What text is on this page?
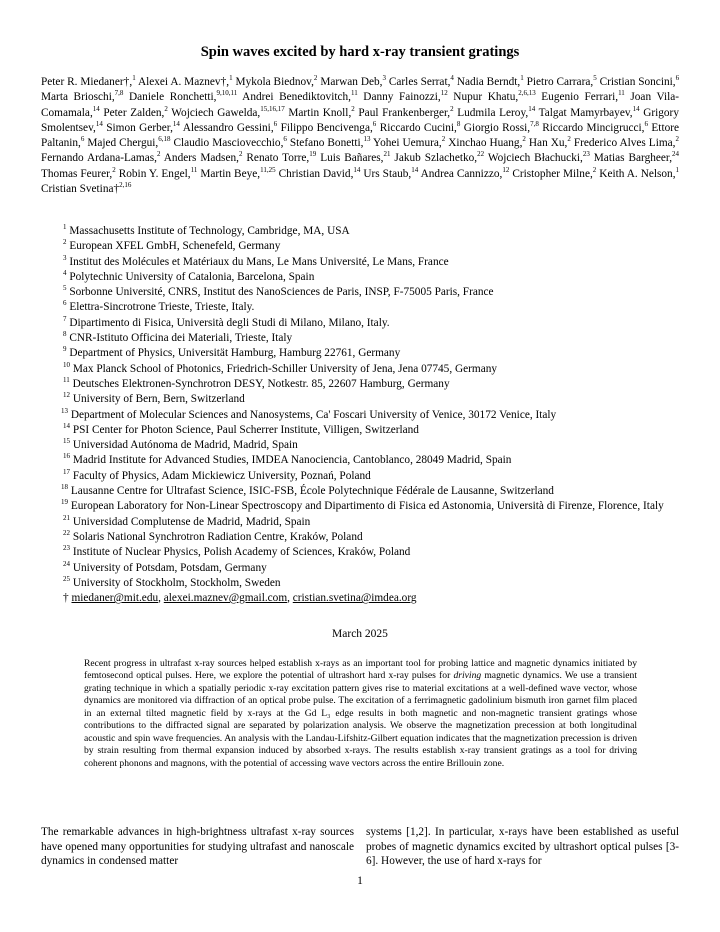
Spin waves excited by hard x-ray transient gratings
Peter R. Miedaner†,$^1$ Alexei A. Maznev†,$^1$ Mykola Biednov,$^2$ Marwan Deb,$^3$ Carles Serrat,$^4$ Nadia Berndt,$^1$ Pietro Carrara,$^5$ Cristian Soncini,$^6$ Marta Brioschi,$^{7,8}$ Daniele Ronchetti,$^{9,10,11}$ Andrei Benediktovitch,$^{11}$ Danny Fainozzi,$^{12}$ Nupur Khatu,$^{2,6,13}$ Eugenio Ferrari,$^{11}$ Joan Vila-Comamala,$^{14}$ Peter Zalden,$^2$ Wojciech Gawelda,$^{15,16,17}$ Martin Knoll,$^2$ Paul Frankenberger,$^2$ Ludmila Leroy,$^{14}$ Talgat Mamyrbayev,$^{14}$ Grigory Smolentsev,$^{14}$ Simon Gerber,$^{14}$ Alessandro Gessini,$^6$ Filippo Bencivenga,$^6$ Riccardo Cucini,$^8$ Giorgio Rossi,$^{7,8}$ Riccardo Mincigrucci,$^6$ Ettore Paltanin,$^6$ Majed Chergui,$^{6,18}$ Claudio Masciovecchio,$^6$ Stefano Bonetti,$^{13}$ Yohei Uemura,$^2$ Xinchao Huang,$^2$ Han Xu,$^2$ Frederico Alves Lima,$^2$ Fernando Ardana-Lamas,$^2$ Anders Madsen,$^2$ Renato Torre,$^{19}$ Luis Bañares,$^{21}$ Jakub Szlachetko,$^{22}$ Wojciech Błachucki,$^{23}$ Matias Bargheer,$^{24}$ Thomas Feurer,$^2$ Robin Y. Engel,$^{11}$ Martin Beye,$^{11,25}$ Christian David,$^{14}$ Urs Staub,$^{14}$ Andrea Cannizzo,$^{12}$ Cristopher Milne,$^2$ Keith A. Nelson,$^1$ Cristian Svetina†$^{2,16}$
$^1$ Massachusetts Institute of Technology, Cambridge, MA, USA
$^2$ European XFEL GmbH, Schenefeld, Germany
$^3$ Institut des Molécules et Matériaux du Mans, Le Mans Université, Le Mans, France
$^4$ Polytechnic University of Catalonia, Barcelona, Spain
$^5$ Sorbonne Université, CNRS, Institut des NanoSciences de Paris, INSP, F-75005 Paris, France
$^6$ Elettra-Sincrotrone Trieste, Trieste, Italy.
$^7$ Dipartimento di Fisica, Università degli Studi di Milano, Milano, Italy.
$^8$ CNR-Istituto Officina dei Materiali, Trieste, Italy
$^9$ Department of Physics, Universität Hamburg, Hamburg 22761, Germany
$^{10}$ Max Planck School of Photonics, Friedrich-Schiller University of Jena, Jena 07745, Germany
$^{11}$ Deutsches Elektronen-Synchrotron DESY, Notkestr. 85, 22607 Hamburg, Germany
$^{12}$ University of Bern, Bern, Switzerland
$^{13}$ Department of Molecular Sciences and Nanosystems, Ca' Foscari University of Venice, 30172 Venice, Italy
$^{14}$ PSI Center for Photon Science, Paul Scherrer Institute, Villigen, Switzerland
$^{15}$ Universidad Autónoma de Madrid, Madrid, Spain
$^{16}$ Madrid Institute for Advanced Studies, IMDEA Nanociencia, Cantoblanco, 28049 Madrid, Spain
$^{17}$ Faculty of Physics, Adam Mickiewicz University, Poznań, Poland
$^{18}$ Lausanne Centre for Ultrafast Science, ISIC-FSB, École Polytechnique Fédérale de Lausanne, Switzerland
$^{19}$ European Laboratory for Non-Linear Spectroscopy and Dipartimento di Fisica ed Astonomia, Università di Firenze, Florence, Italy
$^{21}$ Universidad Complutense de Madrid, Madrid, Spain
$^{22}$ Solaris National Synchrotron Radiation Centre, Kraków, Poland
$^{23}$ Institute of Nuclear Physics, Polish Academy of Sciences, Kraków, Poland
$^{24}$ University of Potsdam, Potsdam, Germany
$^{25}$ University of Stockholm, Stockholm, Sweden
† miedaner@mit.edu, alexei.maznev@gmail.com, cristian.svetina@imdea.org
March 2025
Recent progress in ultrafast x-ray sources helped establish x-rays as an important tool for probing lattice and magnetic dynamics initiated by femtosecond optical pulses. Here, we explore the potential of ultrashort hard x-ray pulses for driving magnetic dynamics. We use a transient grating technique in which a spatially periodic x-ray excitation pattern gives rise to material excitations at a well-defined wave vector, whose dynamics are monitored via diffraction of an optical probe pulse. The excitation of a ferrimagnetic gadolinium bismuth iron garnet film placed in an external tilted magnetic field by x-rays at the Gd L₃ edge results in both magnetic and non-magnetic transient gratings whose contributions to the diffracted signal are separated by polarization analysis. We observe the magnetization precession at both longitudinal acoustic and spin wave frequencies. An analysis with the Landau-Lifshitz-Gilbert equation indicates that the magnetization precession is driven by strain resulting from thermal expansion induced by absorbed x-rays. The results establish x-ray transient gratings as a tool for driving coherent phonons and magnons, with the potential of accessing wave vectors across the entire Brillouin zone.
The remarkable advances in high-brightness ultrafast x-ray sources have opened many opportunities for studying ultrafast and nanoscale dynamics in condensed matter
systems [1,2]. In particular, x-rays have been established as useful probes of magnetic dynamics excited by ultrashort optical pulses [3-6]. However, the use of hard x-rays for
1
